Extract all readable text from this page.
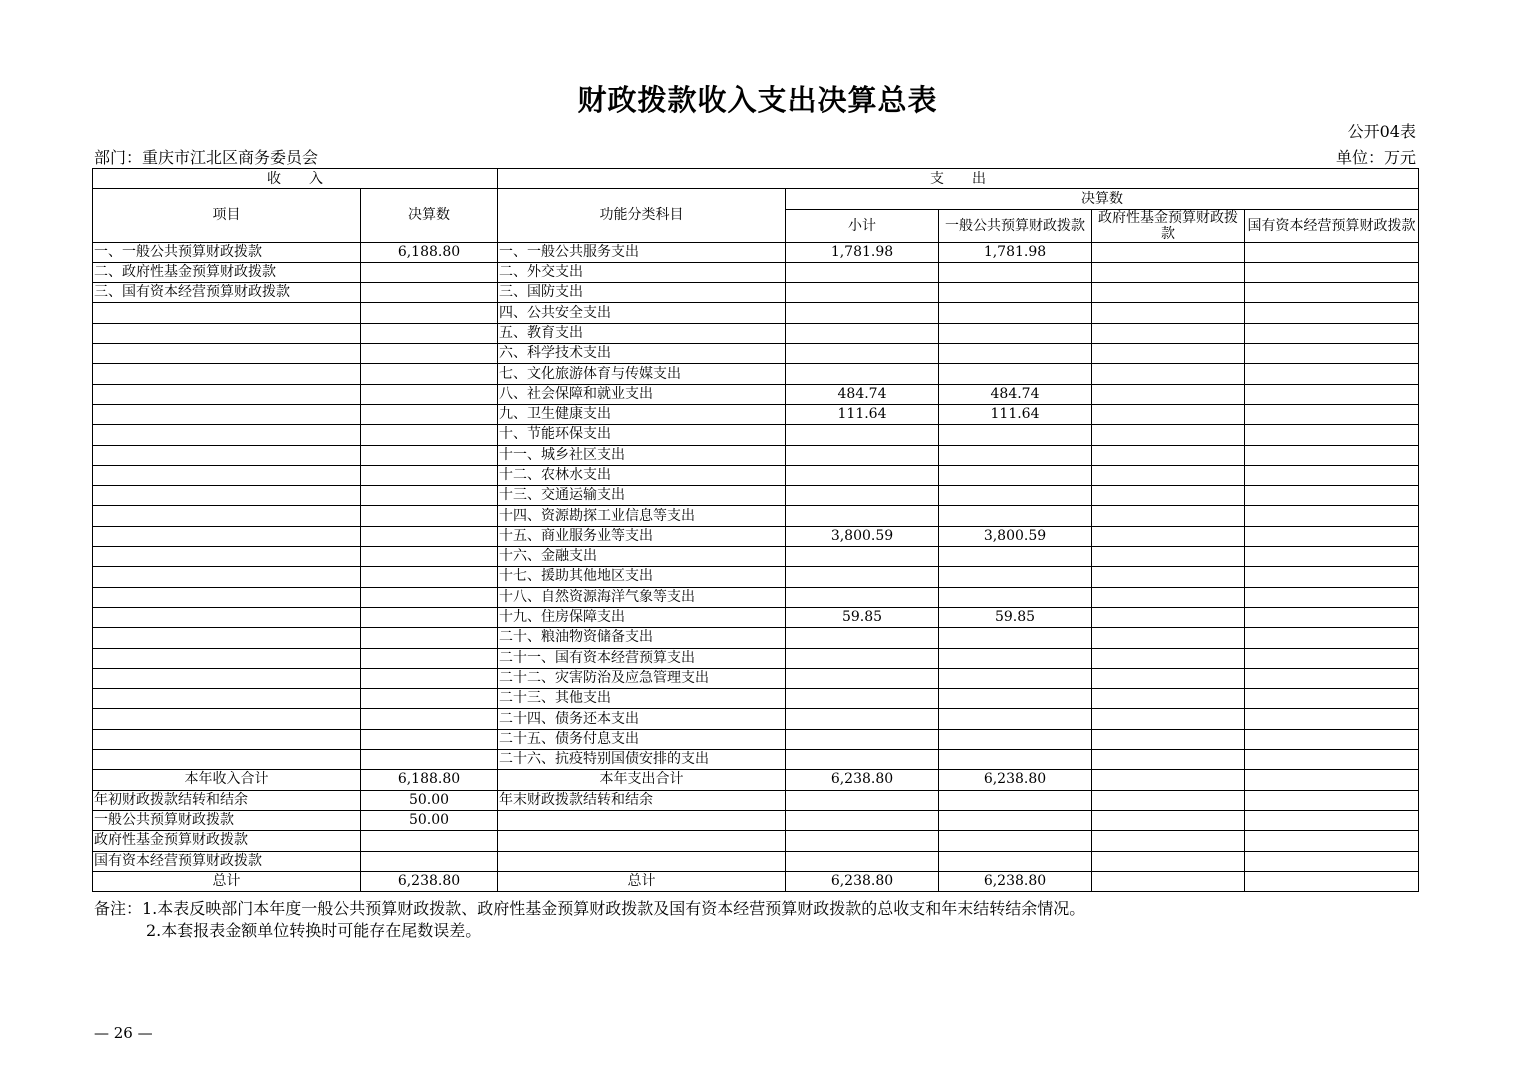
财政拨款收入支出决算总表
公开04表
部门：重庆市江北区商务委员会	单位：万元
收　　入		支　　出				
项目	决算数	功能分类科目	决算数			
			小计	一般公共预算财政拨款	政府性基金预算财政拨款	国有资本经营预算财政拨款

一、一般公共预算财政拨款	6,188.80	一、一般公共服务支出	1,781.98	1,781.98		
二、政府性基金预算财政拨款		二、外交支出				
三、国有资本经营预算财政拨款		三、国防支出				
		四、公共安全支出				
		五、教育支出				
		六、科学技术支出				
		七、文化旅游体育与传媒支出				
		八、社会保障和就业支出	484.74	484.74		
		九、卫生健康支出	111.64	111.64		
		十、节能环保支出				
		十一、城乡社区支出				
		十二、农林水支出				
		十三、交通运输支出				
		十四、资源勘探工业信息等支出				
		十五、商业服务业等支出	3,800.59	3,800.59		
		十六、金融支出				
		十七、援助其他地区支出				
		十八、自然资源海洋气象等支出				
		十九、住房保障支出	59.85	59.85		
		二十、粮油物资储备支出				
		二十一、国有资本经营预算支出				
		二十二、灾害防治及应急管理支出				
		二十三、其他支出				
		二十四、债务还本支出				
		二十五、债务付息支出				
		二十六、抗疫特别国债安排的支出				
本年收入合计	6,188.80	本年支出合计	6,238.80	6,238.80		
年初财政拨款结转和结余	50.00	年末财政拨款结转和结余				
一般公共预算财政拨款	50.00					
政府性基金预算财政拨款						
国有资本经营预算财政拨款						
总计	6,238.80	总计	6,238.80	6,238.80		
备注：1.本表反映部门本年度一般公共预算财政拨款、政府性基金预算财政拨款及国有资本经营预算财政拨款的总收支和年末结转结余情况。
2.本套报表金额单位转换时可能存在尾数误差。
— 26 —
